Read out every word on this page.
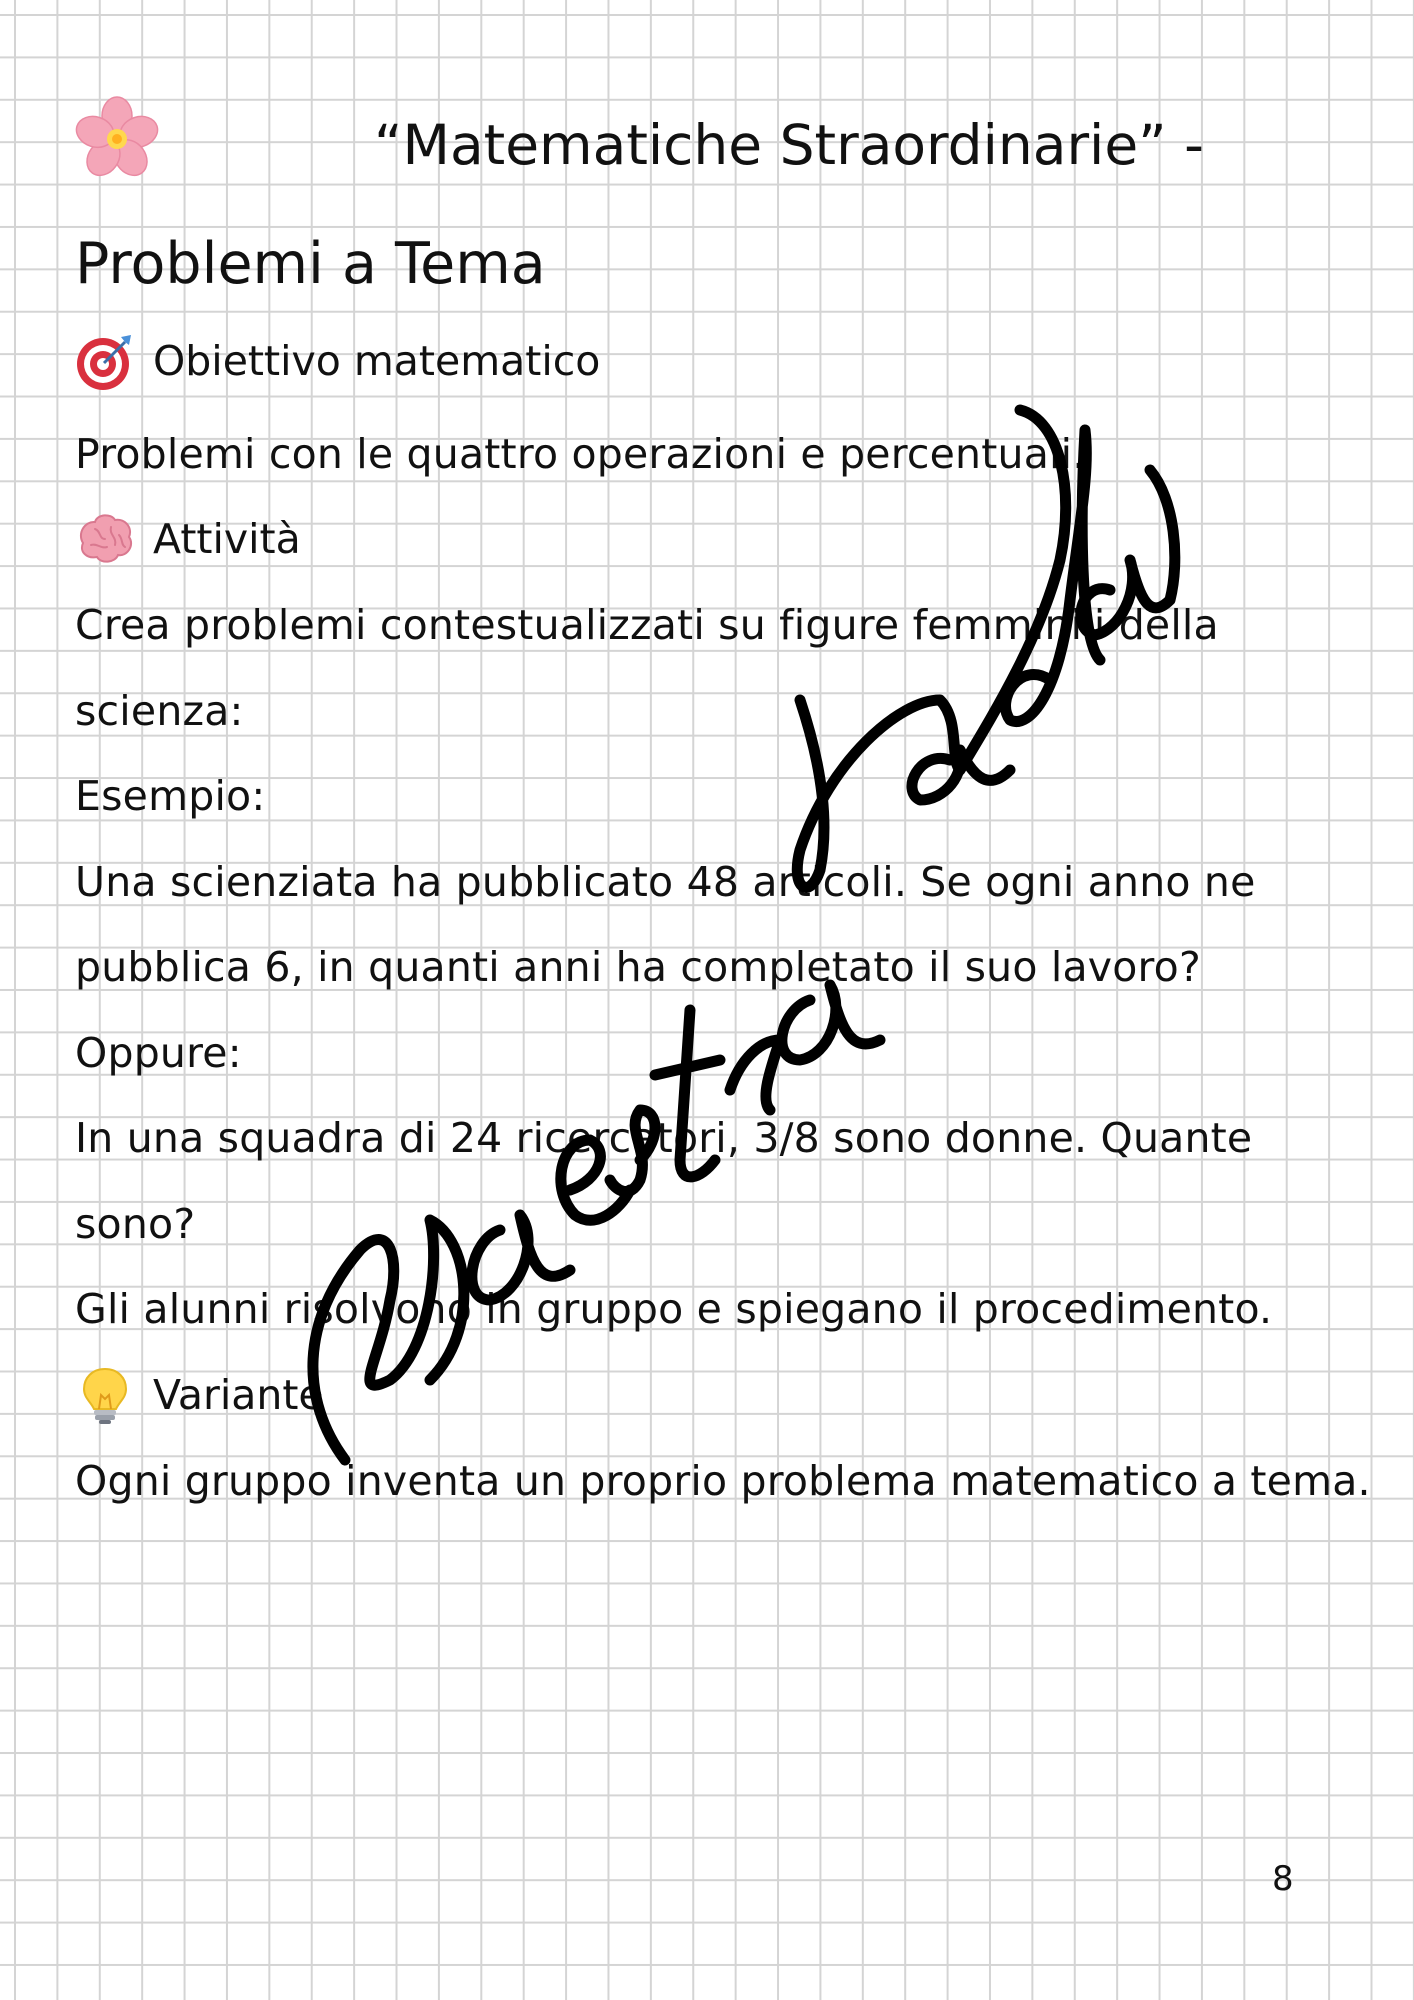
“Matematiche Straordinarie” -
Problemi a Tema
Obiettivo matematico
Problemi con le quattro operazioni e percentuali.
Attività
Crea problemi contestualizzati su figure femminili della
scienza:
Esempio:
Una scienziata ha pubblicato 48 articoli. Se ogni anno ne
pubblica 6, in quanti anni ha completato il suo lavoro?
Oppure:
In una squadra di 24 ricercatori, 3/8 sono donne. Quante
sono?
Gli alunni risolvono in gruppo e spiegano il procedimento.
Variante
Ogni gruppo inventa un proprio problema matematico a tema.
8
